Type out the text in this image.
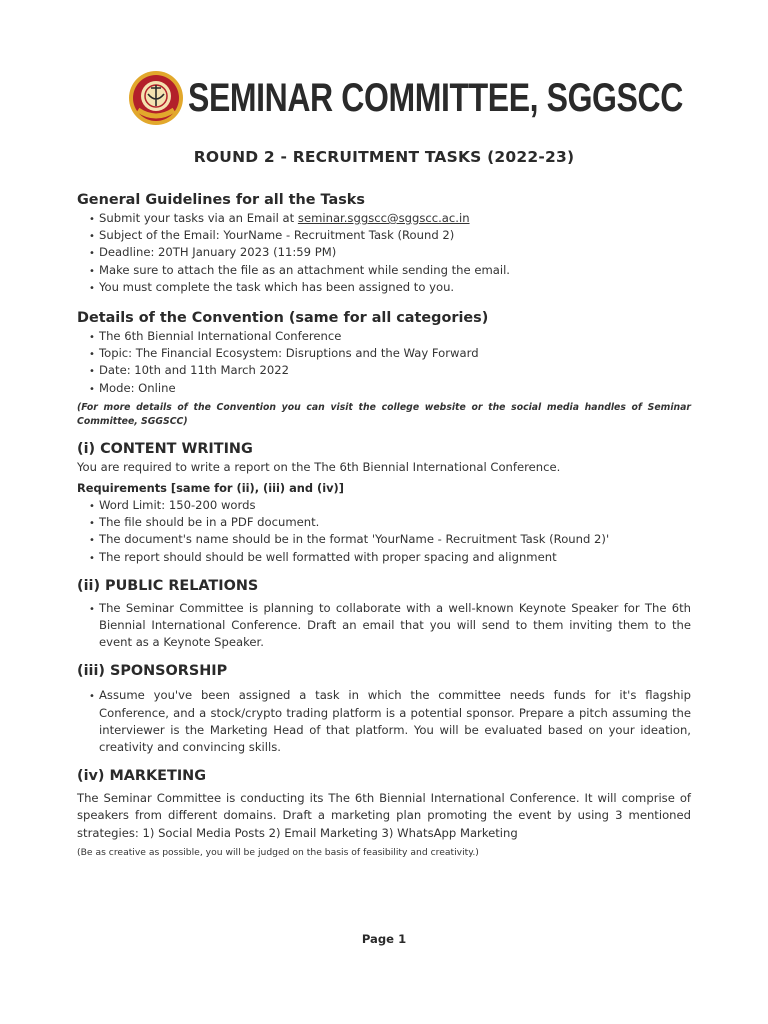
SEMINAR COMMITTEE, SGGSCC
ROUND 2 - RECRUITMENT TASKS (2022-23)
General Guidelines for all the Tasks
• Submit your tasks via an Email at seminar.sggscc@sggscc.ac.in
• Subject of the Email: YourName - Recruitment Task (Round 2)
• Deadline: 20TH January 2023 (11:59 PM)
• Make sure to attach the file as an attachment while sending the email.
• You must complete the task which has been assigned to you.
Details of the Convention (same for all categories)
• The 6th Biennial International Conference
• Topic: The Financial Ecosystem: Disruptions and the Way Forward
• Date: 10th and 11th March 2022
• Mode: Online
(For more details of the Convention you can visit the college website or the social media handles of Seminar Committee, SGGSCC)
(i) CONTENT WRITING

You are required to write a report on the The 6th Biennial International Conference.

Requirements [same for (ii), (iii) and (iv)]
• Word Limit: 150-200 words
• The file should be in a PDF document.
• The document's name should be in the format 'YourName - Recruitment Task (Round 2)'
• The report should should be well formatted with proper spacing and alignment
(ii) PUBLIC RELATIONS
• The Seminar Committee is planning to collaborate with a well-known Keynote Speaker for The 6th Biennial International Conference. Draft an email that you will send to them inviting them to the event as a Keynote Speaker.
(iii) SPONSORSHIP
• Assume you've been assigned a task in which the committee needs funds for it's flagship Conference, and a stock/crypto trading platform is a potential sponsor. Prepare a pitch assuming the interviewer is the Marketing Head of that platform. You will be evaluated based on your ideation, creativity and convincing skills.
(iv) MARKETING

The Seminar Committee is conducting its The 6th Biennial International Conference. It will comprise of speakers from different domains. Draft a marketing plan promoting the event by using 3 mentioned strategies: 1) Social Media Posts 2) Email Marketing 3) WhatsApp Marketing

(Be as creative as possible, you will be judged on the basis of feasibility and creativity.)
Page 1
